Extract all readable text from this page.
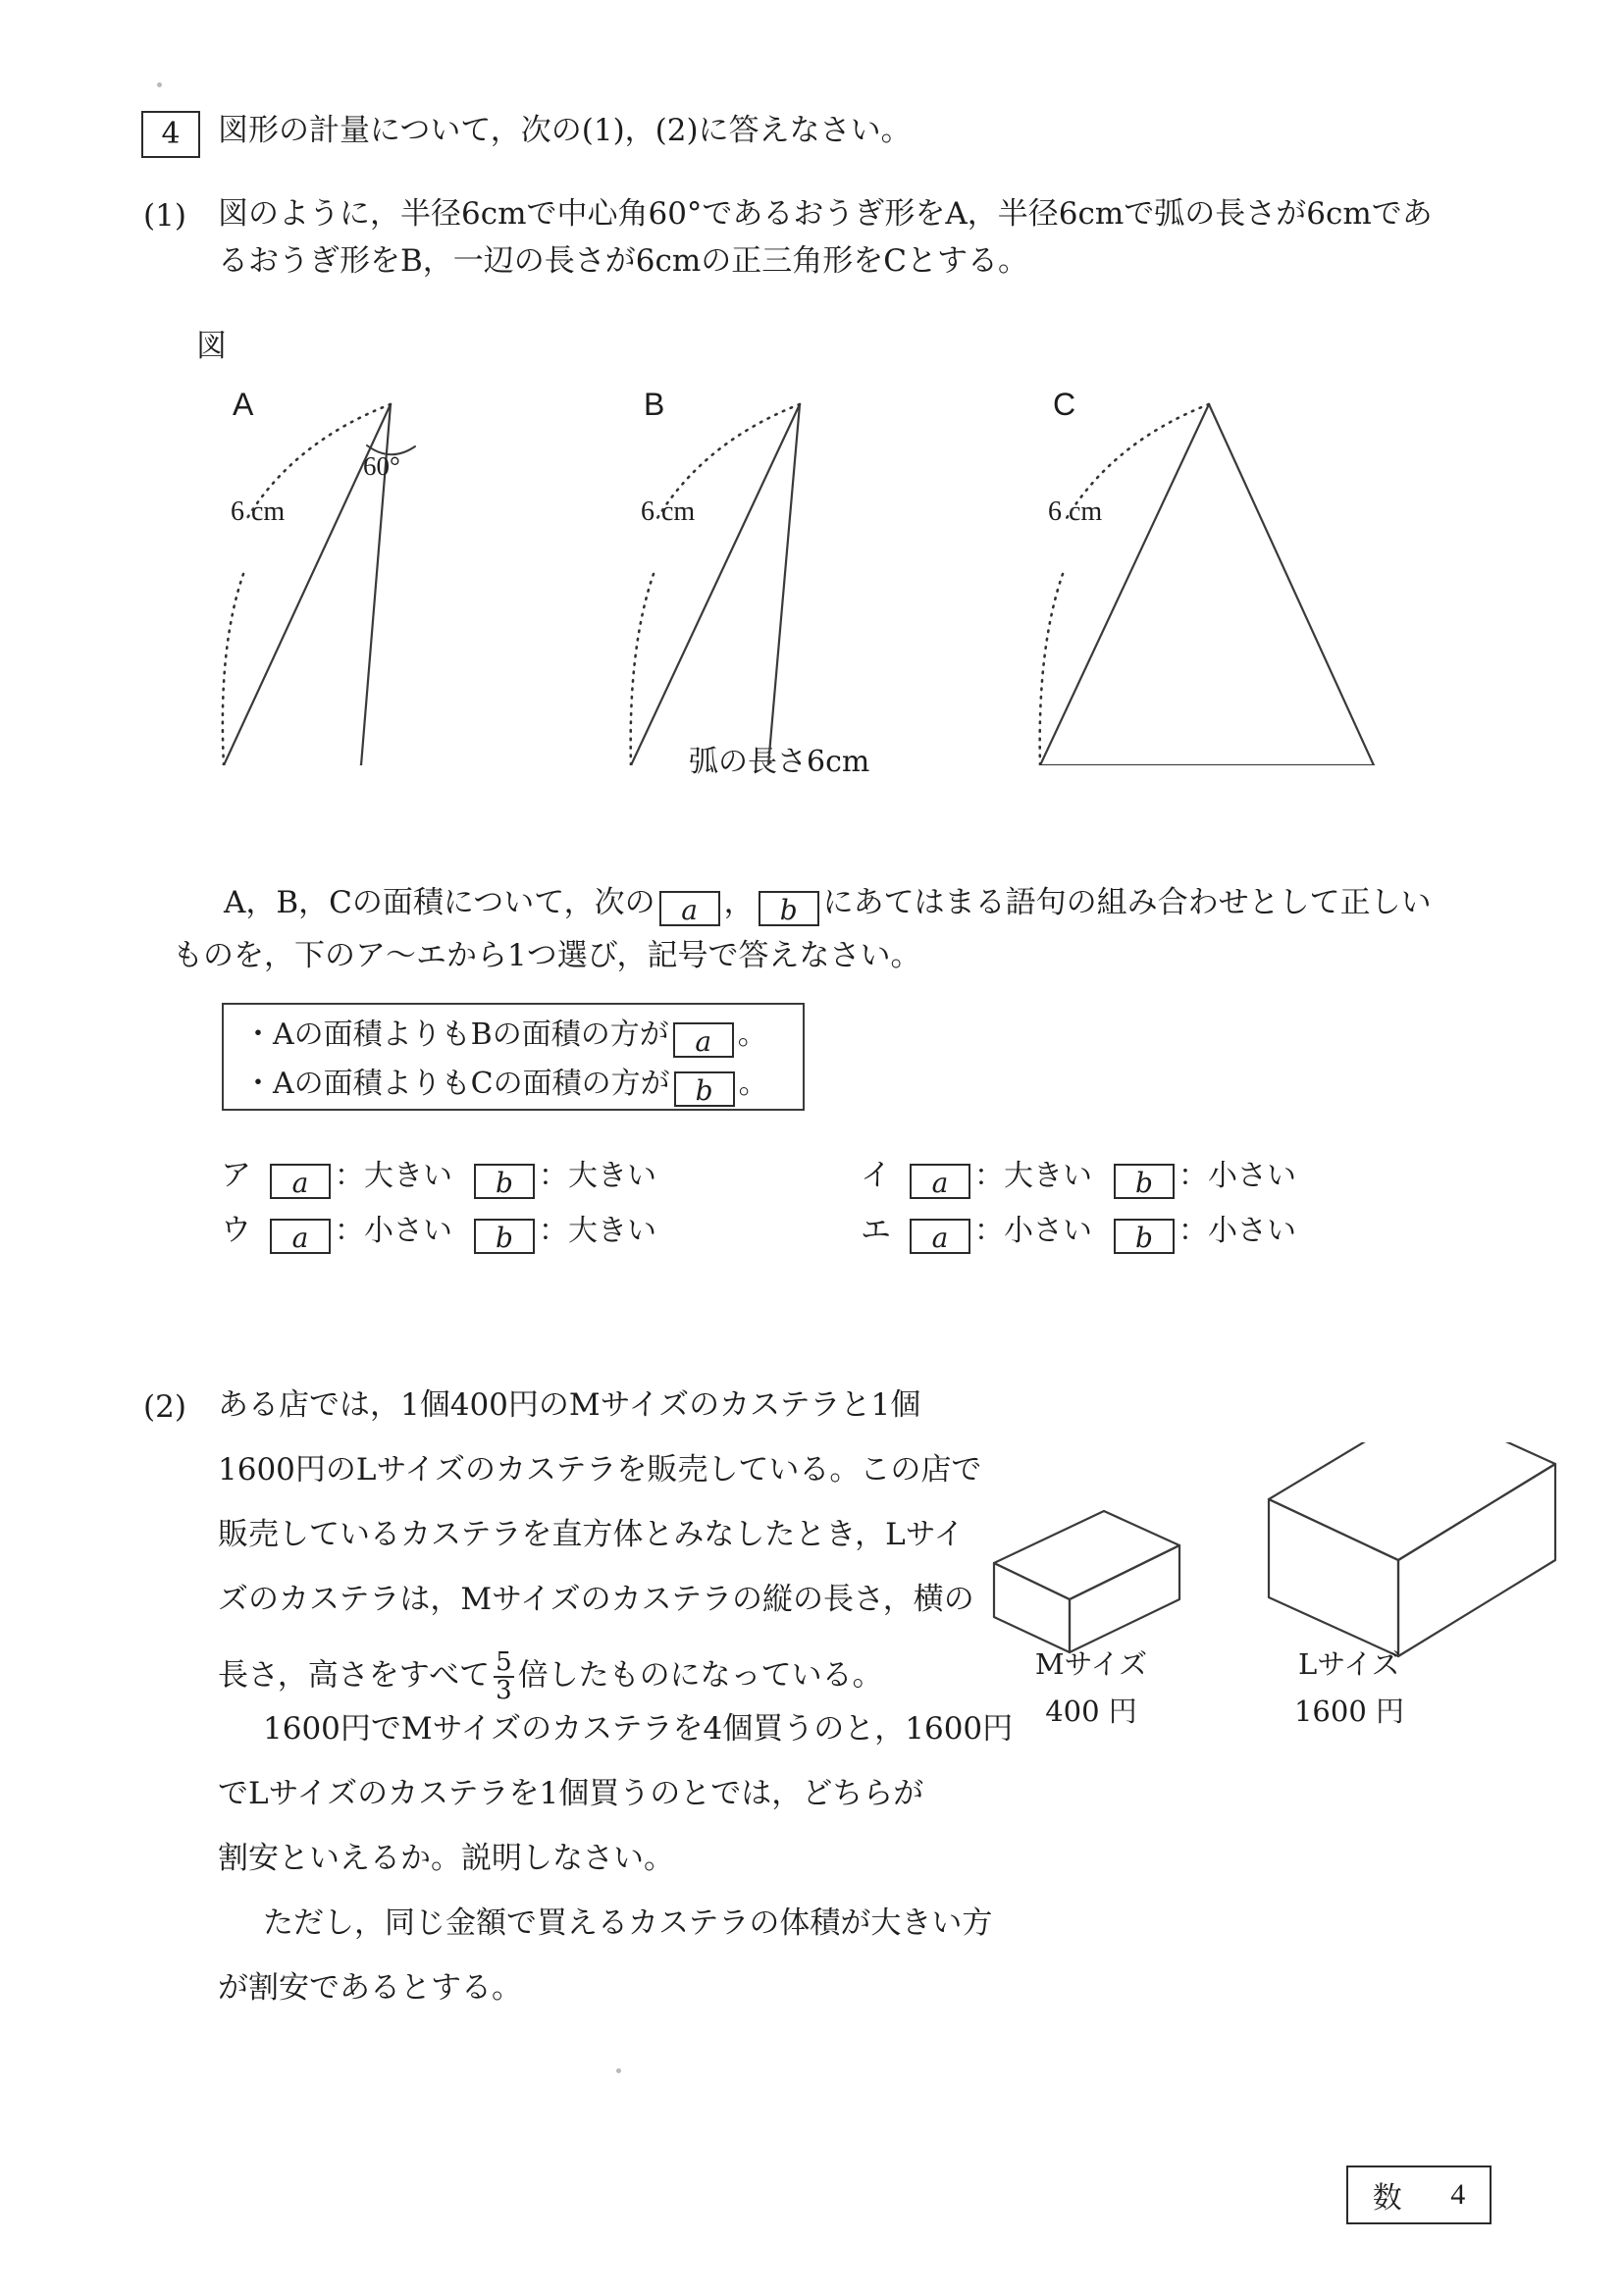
4 図形の計量について，次の(1)，(2)に答えなさい。
(1) 図のように，半径6cmで中心角60°であるおうぎ形をA，半径6cmで弧の長さが6cmであ
るおうぎ形をB，一辺の長さが6cmの正三角形をCとする。
図
A	B	C
6 cm	6 cm	6 cm
弧の長さ6cm
60°
A，B，Cの面積について，次の a ， b にあてはまる語句の組み合わせとして正しい
ものを，下のア〜エから1つ選び，記号で答えなさい。
・Aの面積よりもBの面積の方が a 。
・Aの面積よりもCの面積の方が b 。
ア a ：大きい b ：大きい	イ a ：大きい b ：小さい
ウ a ：小さい b ：大きい	エ a ：小さい b ：小さい
(2) ある店では，1個400円のMサイズのカステラと1個
1600円のLサイズのカステラを販売している。この店で
販売しているカステラを直方体とみなしたとき，Lサイ
ズのカステラは，Mサイズのカステラの縦の長さ，横の
長さ，高さをすべて $\frac{5}{3}$ 倍したものになっている。
1600円でMサイズのカステラを4個買うのと，1600円
でLサイズのカステラを1個買うのとでは，どちらが
割安といえるか。説明しなさい。
ただし，同じ金額で買えるカステラの体積が大きい方
が割安であるとする。
Mサイズ
400 円
Lサイズ
1600 円
数 4
